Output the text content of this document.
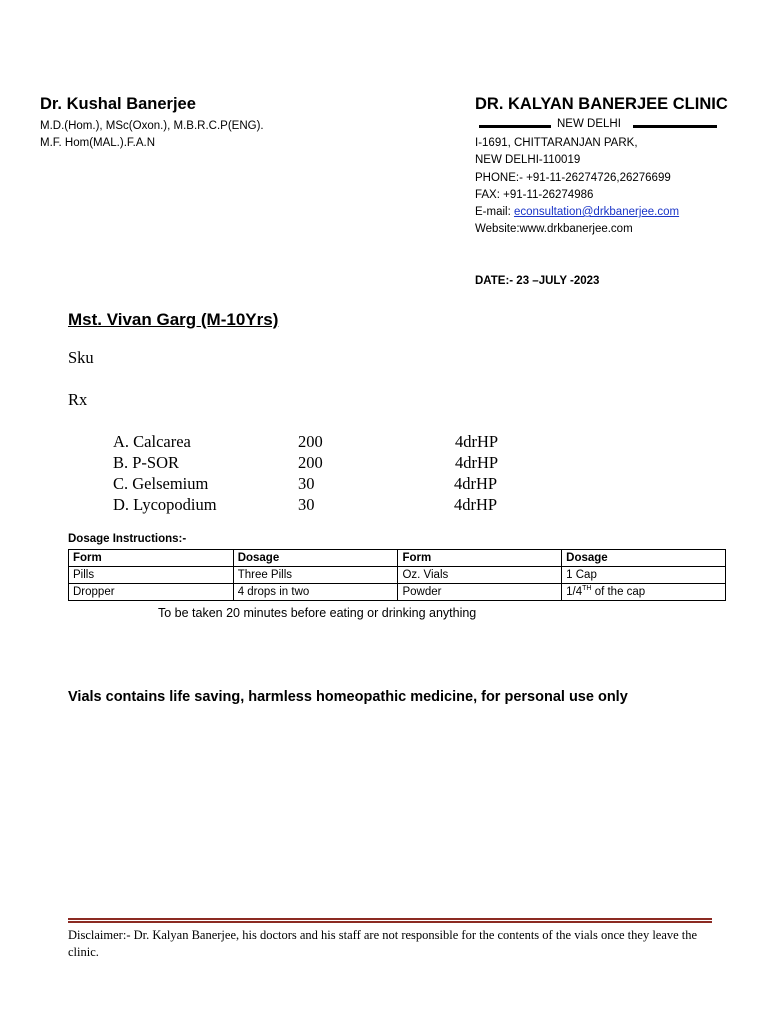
Dr. Kushal Banerjee
M.D.(Hom.), MSc(Oxon.), M.B.R.C.P(ENG).
M.F. Hom(MAL.).F.A.N
DR. KALYAN BANERJEE CLINIC
NEW DELHI
I-1691, CHITTARANJAN PARK,
NEW DELHI-110019
PHONE:- +91-11-26274726,26276699
FAX: +91-11-26274986
E-mail: econsultation@drkbanerjee.com
Website:www.drkbanerjee.com
DATE:- 23 –JULY -2023
Mst. Vivan Garg (M-10Yrs)
Sku
Rx
A. Calcarea	200	4drHP
B. P-SOR	200	4drHP
C. Gelsemium	30	4drHP
D. Lycopodium	30	4drHP
Dosage Instructions:-
Form	Dosage	Form	Dosage
Pills	Three Pills	Oz. Vials	1 Cap
Dropper	4 drops in two	Powder	1/4TH of the cap
To be taken 20 minutes before eating or drinking anything
Vials contains life saving, harmless homeopathic medicine, for personal use only
Disclaimer:- Dr. Kalyan Banerjee, his doctors and his staff are not responsible for the contents of the vials once they leave the clinic.
